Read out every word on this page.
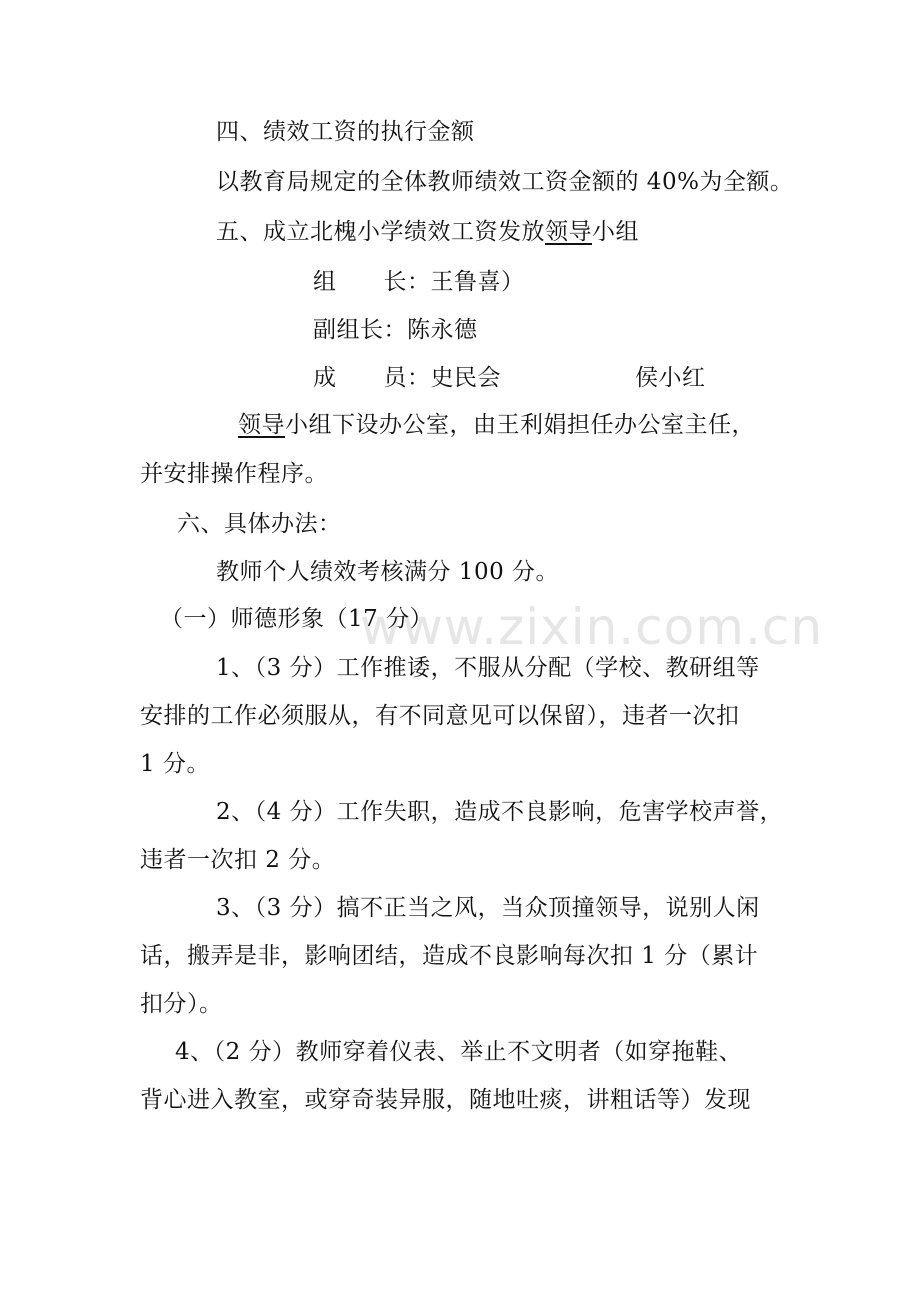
www.zixin.com.cn
四、绩效工资的执行金额
以教育局规定的全体教师绩效工资金额的 40%为全额。
五、成立北槐小学绩效工资发放领导小组
组　　长：王鲁喜）
副组长：陈永德
成　　员：史民会	侯小红
领导小组下设办公室，由王利娟担任办公室主任，
并安排操作程序。
六、具体办法：
教师个人绩效考核满分 100 分。
（一）师德形象（17 分）
1、（3 分）工作推诿，不服从分配（学校、教研组等
安排的工作必须服从，有不同意见可以保留），违者一次扣
1 分。
2、（4 分）工作失职，造成不良影响，危害学校声誉，
违者一次扣 2 分。
3、（3 分）搞不正当之风，当众顶撞领导，说别人闲
话，搬弄是非，影响团结，造成不良影响每次扣 1 分（累计
扣分）。
4、（2 分）教师穿着仪表、举止不文明者（如穿拖鞋、
背心进入教室，或穿奇装异服，随地吐痰，讲粗话等）发现
